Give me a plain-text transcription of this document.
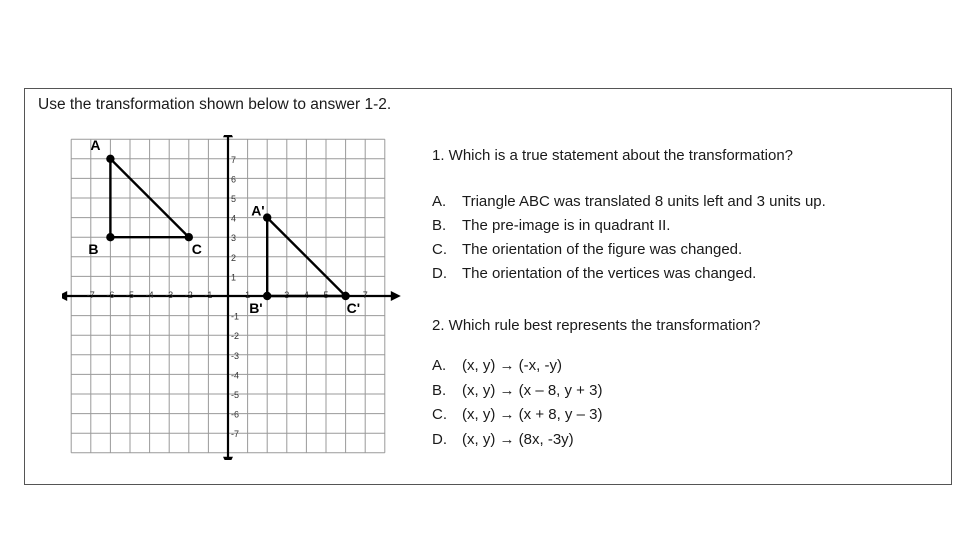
Use the transformation shown below to answer 1-2.
-7 -6 -5 -4 -3 -2 -1	1	3 4 5	7
7
6
5
4
3
2
1
-1
-2
-3
-4
-5
-6
-7
A
B	C
A'
B'	C'

1. Which is a true statement about the transformation?

A.	Triangle ABC was translated 8 units left and 3 units up.
B.	The pre-image is in quadrant II.
C.	The orientation of the figure was changed.
D.	The orientation of the vertices was changed.

2. Which rule best represents the transformation?

A.	(x, y) → (-x, -y)
B.	(x, y) → (x – 8, y + 3)
C.	(x, y) → (x + 8, y – 3)
D.	(x, y) → (8x, -3y)
